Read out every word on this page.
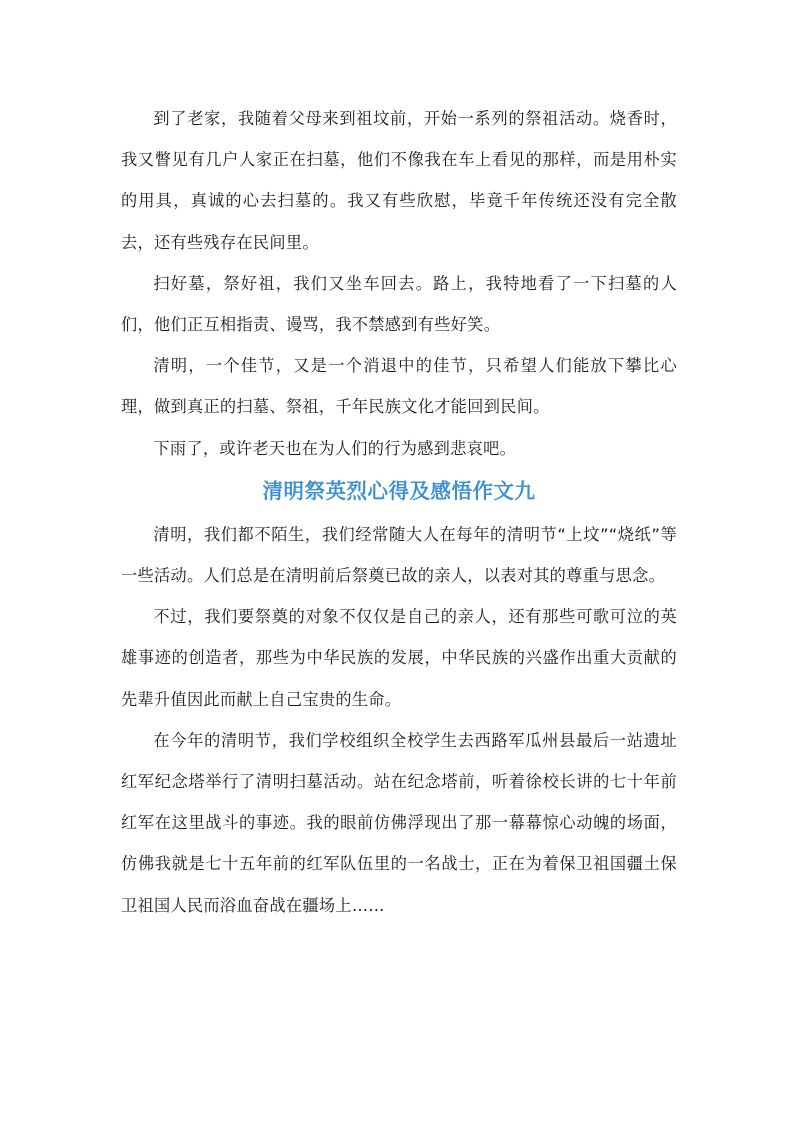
到了老家，我随着父母来到祖坟前，开始一系列的祭祖活动。烧香时，我又瞥见有几户人家正在扫墓，他们不像我在车上看见的那样，而是用朴实的用具，真诚的心去扫墓的。我又有些欣慰，毕竟千年传统还没有完全散去，还有些残存在民间里。

扫好墓，祭好祖，我们又坐车回去。路上，我特地看了一下扫墓的人们，他们正互相指责、谩骂，我不禁感到有些好笑。

清明，一个佳节，又是一个消退中的佳节，只希望人们能放下攀比心理，做到真正的扫墓、祭祖，千年民族文化才能回到民间。

下雨了，或许老天也在为人们的行为感到悲哀吧。

清明祭英烈心得及感悟作文九

清明，我们都不陌生，我们经常随大人在每年的清明节“上坟”“烧纸”等一些活动。人们总是在清明前后祭奠已故的亲人，以表对其的尊重与思念。

不过，我们要祭奠的对象不仅仅是自己的亲人，还有那些可歌可泣的英雄事迹的创造者，那些为中华民族的发展，中华民族的兴盛作出重大贡献的先辈升值因此而献上自己宝贵的生命。

在今年的清明节，我们学校组织全校学生去西路军瓜州县最后一站遗址红军纪念塔举行了清明扫墓活动。站在纪念塔前，听着徐校长讲的七十年前红军在这里战斗的事迹。我的眼前仿佛浮现出了那一幕幕惊心动魄的场面，仿佛我就是七十五年前的红军队伍里的一名战士，正在为着保卫祖国疆土保卫祖国人民而浴血奋战在疆场上……
